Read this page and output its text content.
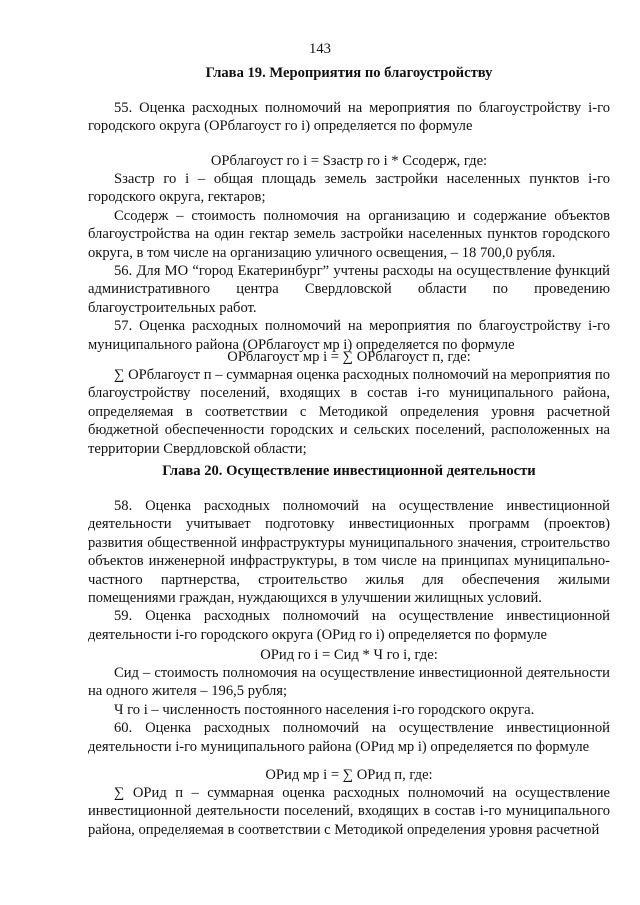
143
Глава 19. Мероприятия по благоустройству

55. Оценка расходных полномочий на мероприятия по благоустройству i-го городского округа (ОРблагоуст го i) определяется по формуле

ОРблагоуст го i = Sзастр го i * Cсодерж, где:

Sзастр го i – общая площадь земель застройки населенных пунктов i-го городского округа, гектаров;

Cсодерж – стоимость полномочия на организацию и содержание объектов благоустройства на один гектар земель застройки населенных пунктов городского округа, в том числе на организацию уличного освещения, – 18 700,0 рубля.

56. Для МО “город Екатеринбург” учтены расходы на осуществление функций административного центра Свердловской области по проведению благоустроительных работ.

57. Оценка расходных полномочий на мероприятия по благоустройству i-го муниципального района (ОРблагоуст мр i) определяется по формуле

ОРблагоуст мр i = ∑ ОРблагоуст п, где:

∑ ОРблагоуст п – суммарная оценка расходных полномочий на мероприятия по благоустройству поселений, входящих в состав i-го муниципального района, определяемая в соответствии с Методикой определения уровня расчетной бюджетной обеспеченности городских и сельских поселений, расположенных на территории Свердловской области;

Глава 20. Осуществление инвестиционной деятельности

58. Оценка расходных полномочий на осуществление инвестиционной деятельности учитывает подготовку инвестиционных программ (проектов) развития общественной инфраструктуры муниципального значения, строительство объектов инженерной инфраструктуры, в том числе на принципах муниципально-частного партнерства, строительство жилья для обеспечения жилыми помещениями граждан, нуждающихся в улучшении жилищных условий.

59. Оценка расходных полномочий на осуществление инвестиционной деятельности i-го городского округа (ОРид го i) определяется по формуле

ОРид го i = Сид * Ч го i, где:

Сид – стоимость полномочия на осуществление инвестиционной деятельности на одного жителя – 196,5 рубля;

Ч го i – численность постоянного населения i-го городского округа.

60. Оценка расходных полномочий на осуществление инвестиционной деятельности i-го муниципального района (ОРид мр i) определяется по формуле

ОРид мр i = ∑ ОРид п, где:

∑ ОРид п – суммарная оценка расходных полномочий на осуществление инвестиционной деятельности поселений, входящих в состав i-го муниципального района, определяемая в соответствии с Методикой определения уровня расчетной
